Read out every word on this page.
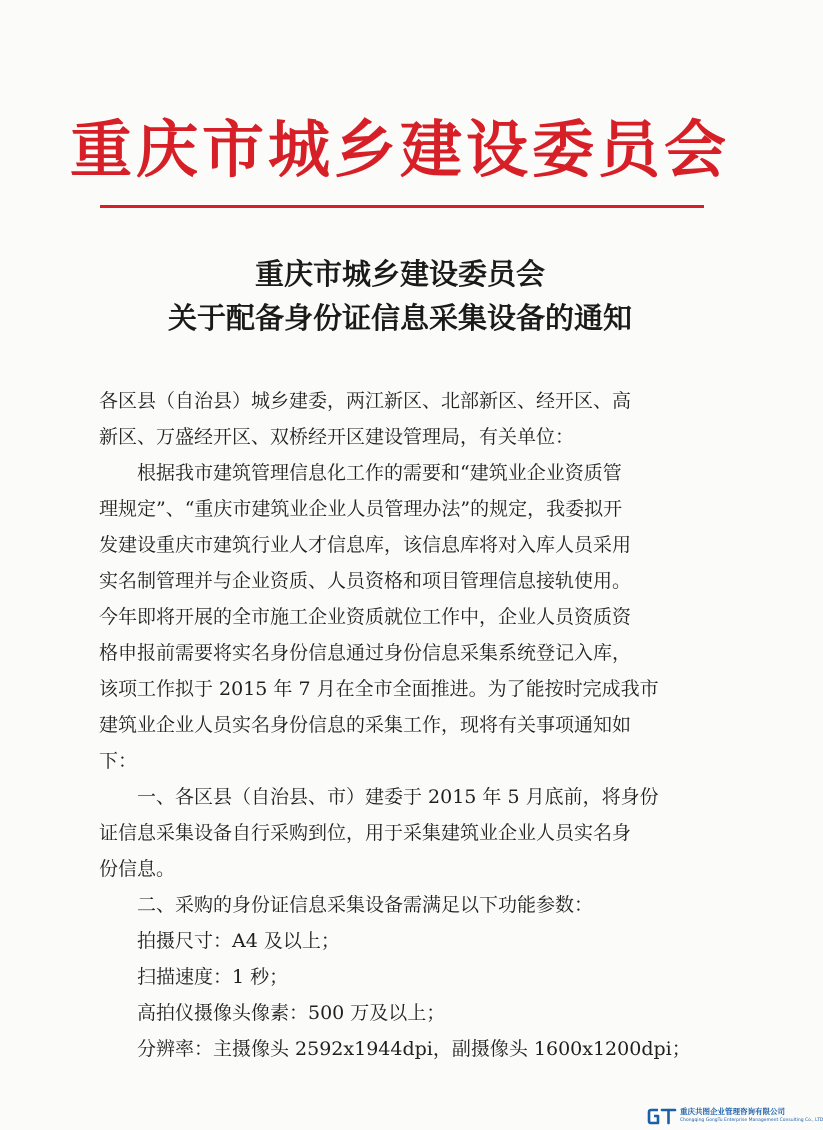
重庆市城乡建设委员会
重庆市城乡建设委员会
关于配备身份证信息采集设备的通知
各区县（自治县）城乡建委，两江新区、北部新区、经开区、高
新区、万盛经开区、双桥经开区建设管理局，有关单位：
根据我市建筑管理信息化工作的需要和“建筑业企业资质管
理规定”、“重庆市建筑业企业人员管理办法”的规定，我委拟开
发建设重庆市建筑行业人才信息库，该信息库将对入库人员采用
实名制管理并与企业资质、人员资格和项目管理信息接轨使用。
今年即将开展的全市施工企业资质就位工作中，企业人员资质资
格申报前需要将实名身份信息通过身份信息采集系统登记入库，
该项工作拟于 2015 年 7 月在全市全面推进。为了能按时完成我市
建筑业企业人员实名身份信息的采集工作，现将有关事项通知如
下：
一、各区县（自治县、市）建委于 2015 年 5 月底前，将身份
证信息采集设备自行采购到位，用于采集建筑业企业人员实名身
份信息。
二、采购的身份证信息采集设备需满足以下功能参数：
拍摄尺寸：A4 及以上；
扫描速度：1 秒；
高拍仪摄像头像素：500 万及以上；
分辨率：主摄像头 2592x1944dpi，副摄像头 1600x1200dpi；
重庆共图企业管理咨询有限公司
Chongqing GongTu Enterprise Management Consulting Co., LTD
